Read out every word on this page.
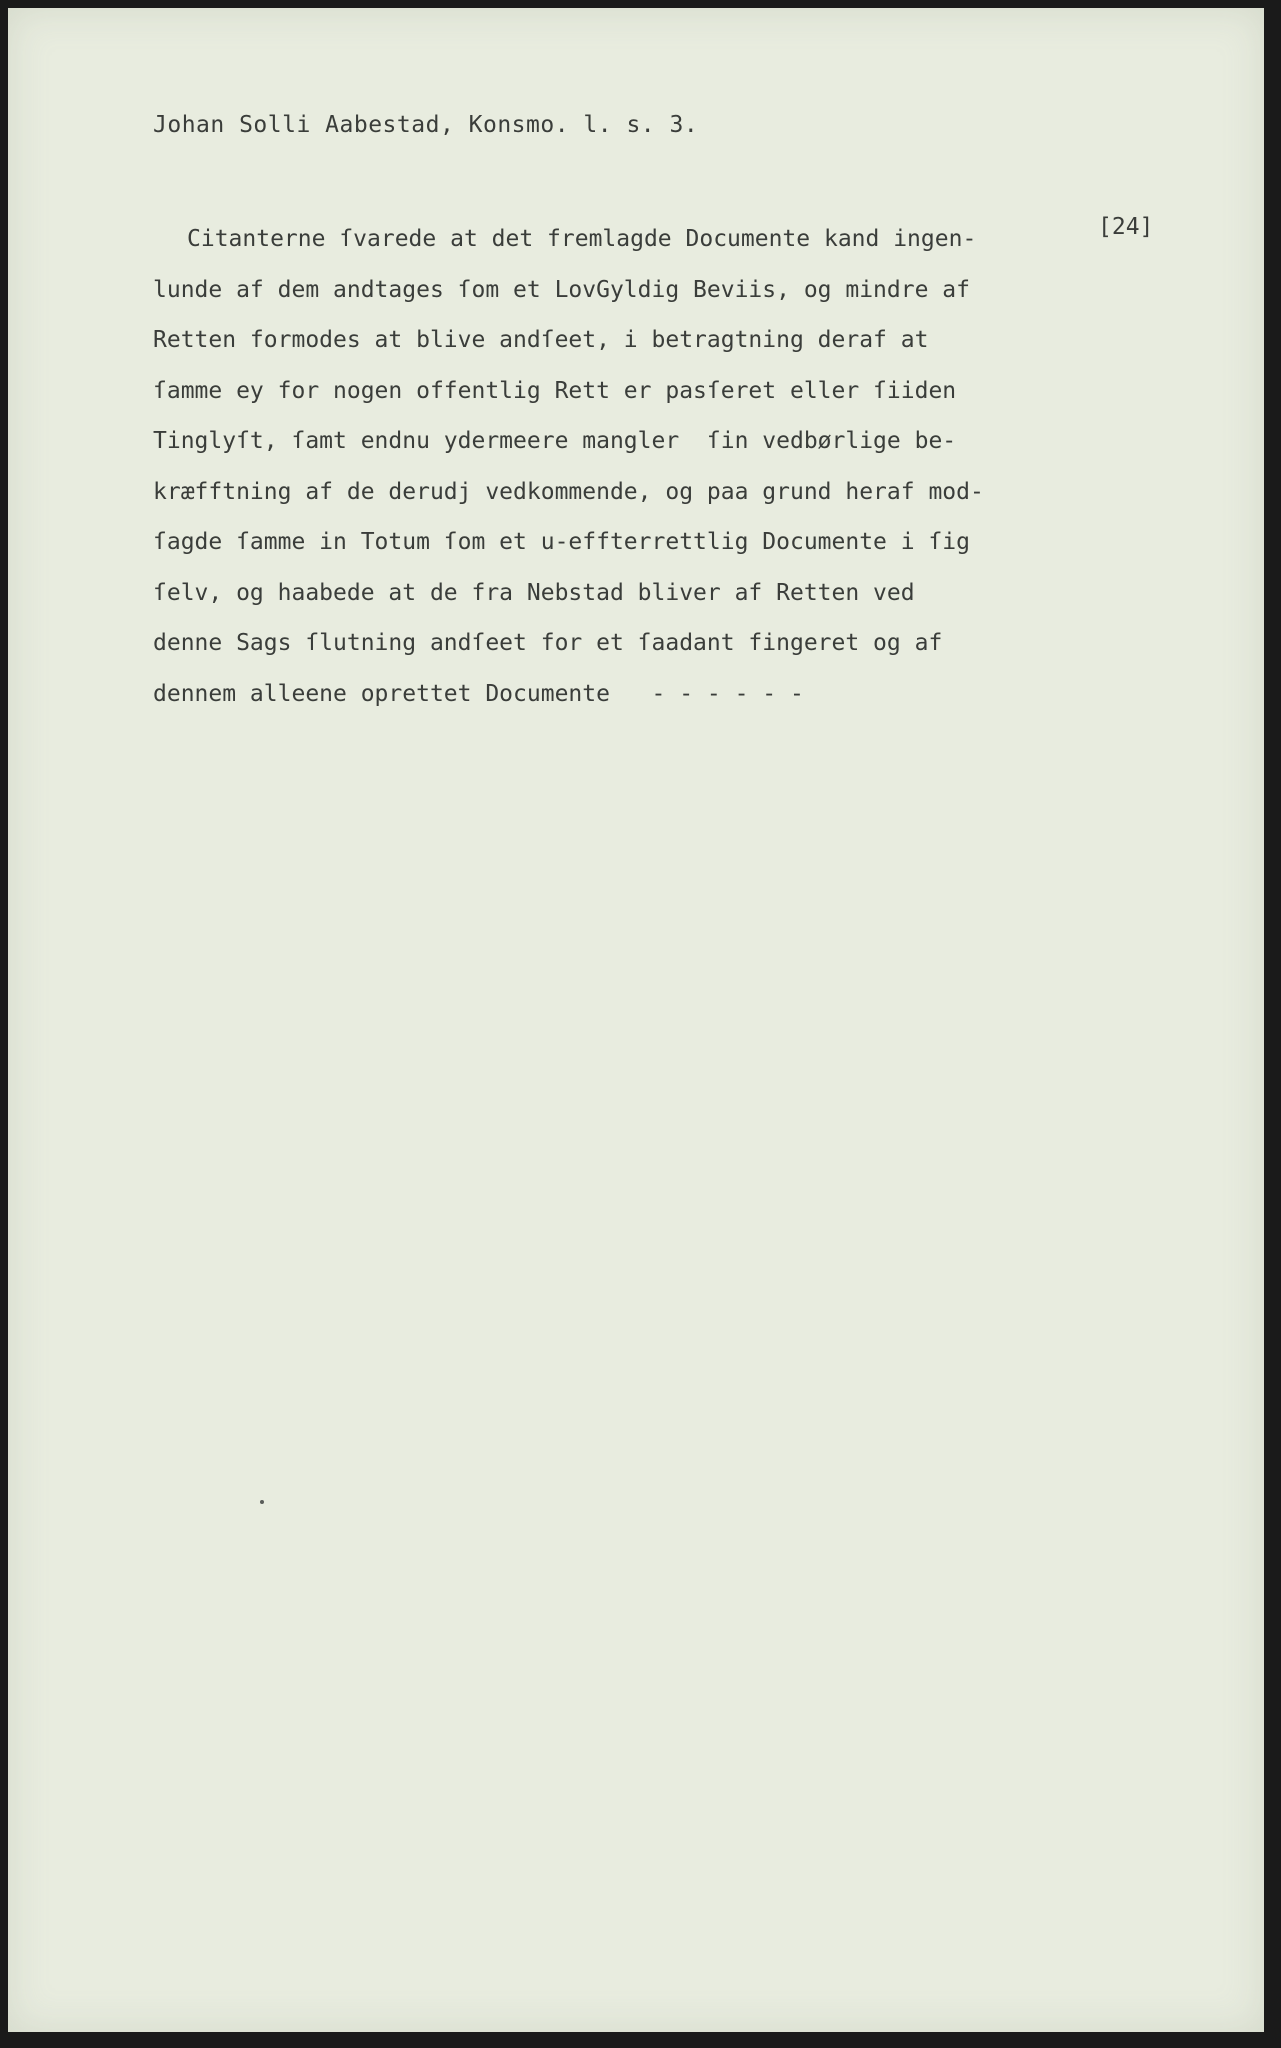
Johan Solli Aabestad, Konsmo. l. s. 3.
[24]
Citanterne ſvarede at det fremlagde Documente kand ingen-
lunde af dem andtages ſom et LovGyldig Beviis, og mindre af
Retten formodes at blive andſeet, i betragtning deraf at
ſamme ey for nogen offentlig Rett er pasſeret eller ſiiden
Tinglyſt, ſamt endnu ydermeere mangler  ſin vedbørlige be-
kræfftning af de derudj vedkommende, og paa grund heraf mod-
ſagde ſamme in Totum ſom et u-effterrettlig Documente i ſig
ſelv, og haabede at de fra Nebstad bliver af Retten ved
denne Sags ſlutning andſeet for et ſaadant fingeret og af
dennem alleene oprettet Documente   - - - - - -
